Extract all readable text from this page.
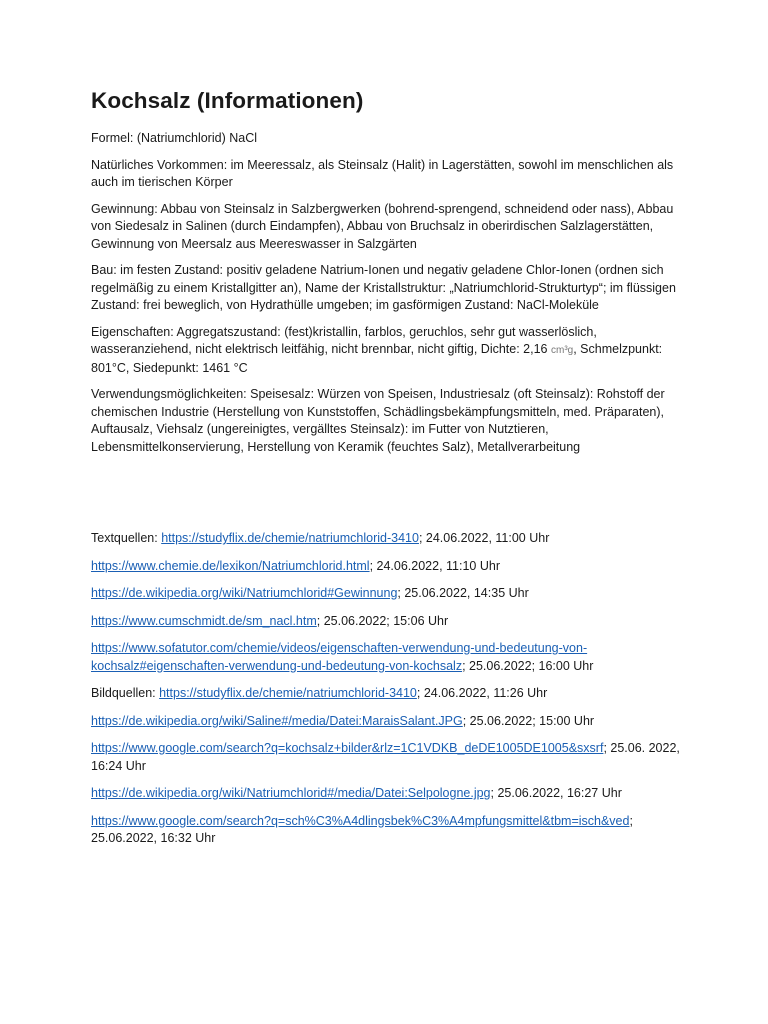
Kochsalz (Informationen)

Formel: (Natriumchlorid) NaCl

Natürliches Vorkommen: im Meeressalz, als Steinsalz (Halit) in Lagerstätten, sowohl im menschlichen als auch im tierischen Körper

Gewinnung: Abbau von Steinsalz in Salzbergwerken (bohrend-sprengend, schneidend oder nass), Abbau von Siedesalz in Salinen (durch Eindampfen), Abbau von Bruchsalz in oberirdischen Salzlagerstätten, Gewinnung von Meersalz aus Meereswasser in Salzgärten

Bau: im festen Zustand: positiv geladene Natrium-Ionen und negativ geladene Chlor-Ionen (ordnen sich regelmäßig zu einem Kristallgitter an), Name der Kristallstruktur: „Natriumchlorid-Strukturtyp“; im flüssigen Zustand: frei beweglich, von Hydrathülle umgeben; im gasförmigen Zustand: NaCl-Moleküle

Eigenschaften: Aggregatszustand: (fest)kristallin, farblos, geruchlos, sehr gut wasserlöslich, wasseranziehend, nicht elektrisch leitfähig, nicht brennbar, nicht giftig, Dichte: 2,16 cm³g, Schmelzpunkt: 801°C, Siedepunkt: 1461 °C

Verwendungsmöglichkeiten: Speisesalz: Würzen von Speisen, Industriesalz (oft Steinsalz): Rohstoff der chemischen Industrie (Herstellung von Kunststoffen, Schädlingsbekämpfungsmitteln, med. Präparaten), Auftausalz, Viehsalz (ungereinigtes, vergälltes Steinsalz): im Futter von Nutztieren, Lebensmittelkonservierung, Herstellung von Keramik (feuchtes Salz), Metallverarbeitung

Textquellen: https://studyflix.de/chemie/natriumchlorid-3410; 24.06.2022, 11:00 Uhr

https://www.chemie.de/lexikon/Natriumchlorid.html; 24.06.2022, 11:10 Uhr

https://de.wikipedia.org/wiki/Natriumchlorid#Gewinnung; 25.06.2022, 14:35 Uhr

https://www.cumschmidt.de/sm_nacl.htm; 25.06.2022; 15:06 Uhr

https://www.sofatutor.com/chemie/videos/eigenschaften-verwendung-und-bedeutung-von-kochsalz#eigenschaften-verwendung-und-bedeutung-von-kochsalz; 25.06.2022; 16:00 Uhr

Bildquellen: https://studyflix.de/chemie/natriumchlorid-3410; 24.06.2022, 11:26 Uhr

https://de.wikipedia.org/wiki/Saline#/media/Datei:MaraisSalant.JPG; 25.06.2022; 15:00 Uhr

https://www.google.com/search?q=kochsalz+bilder&rlz=1C1VDKB_deDE1005DE1005&sxsrf; 25.06. 2022, 16:24 Uhr

https://de.wikipedia.org/wiki/Natriumchlorid#/media/Datei:Selpologne.jpg; 25.06.2022, 16:27 Uhr

https://www.google.com/search?q=sch%C3%A4dlingsbek%C3%A4mpfungsmittel&tbm=isch&ved; 25.06.2022, 16:32 Uhr
